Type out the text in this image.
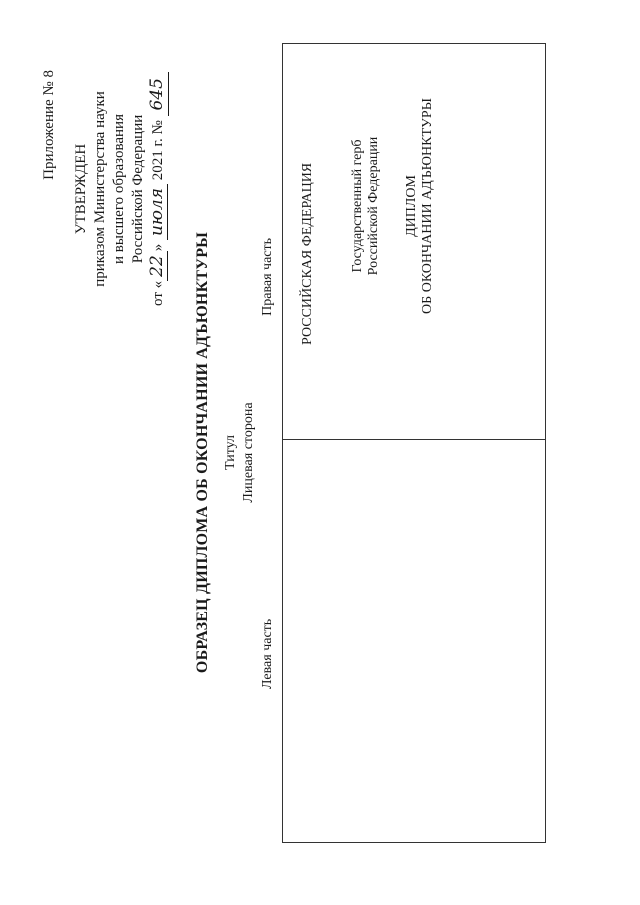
Приложение № 8
УТВЕРЖДЕН приказом Министерства науки и высшего образования Российской Федерации
от «22» июля 2021 г. № 645
ОБРАЗЕЦ ДИПЛОМА ОБ ОКОНЧАНИИ АДЪЮНКТУРЫ Титул Лицевая сторона
Левая часть
Правая часть РОССИЙСКАЯ ФЕДЕРАЦИЯ	Государственный герб Российской Федерации ДИПЛОМ ОБ ОКОНЧАНИИ АДЪЮНКТУРЫ
